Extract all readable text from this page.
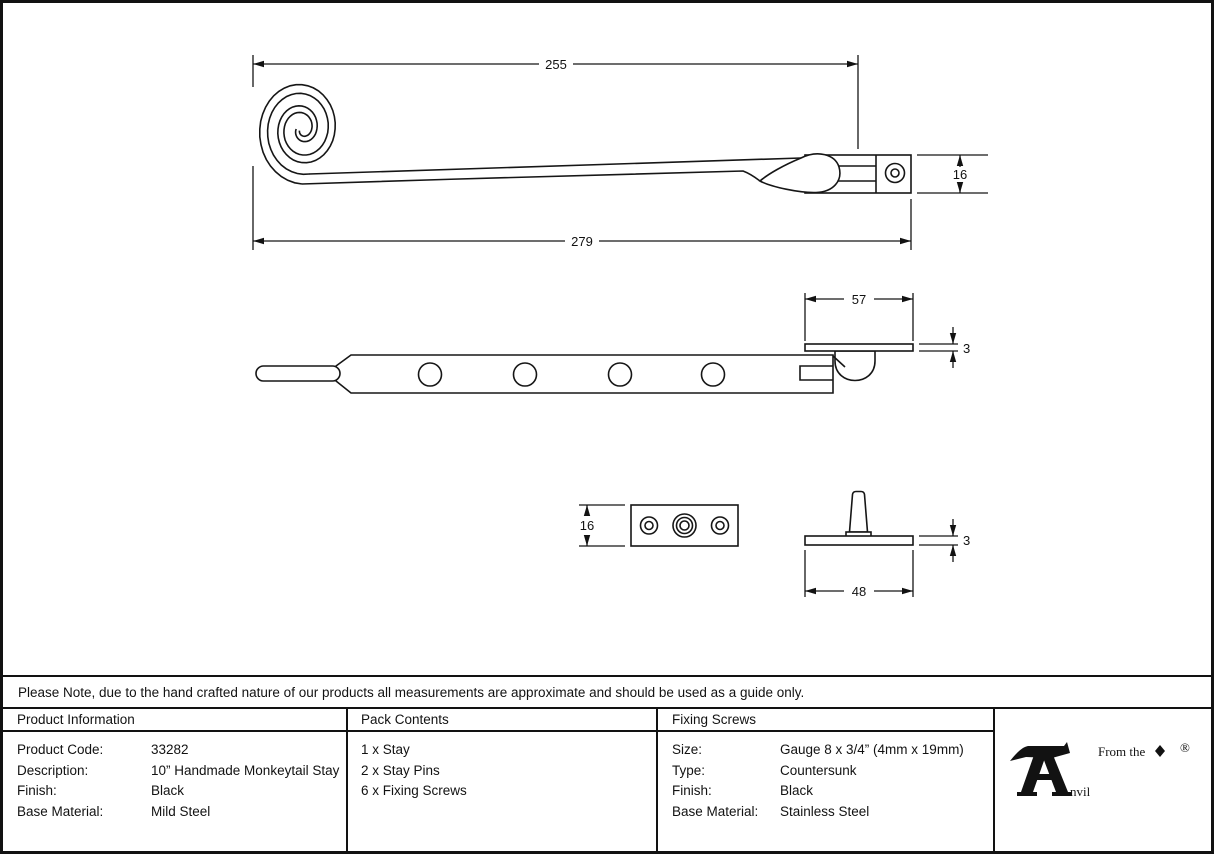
255
279
16
57
3
16
3
48
Please Note, due to the hand crafted nature of our products all measurements are approximate and should be used as a guide only.
Product Information
Product Code:	33282
Description:	10” Handmade Monkeytail Stay
Finish:	Black
Base Material:	Mild Steel
Pack Contents
1 x Stay
2 x Stay Pins
6 x Fixing Screws
Fixing Screws
Size:	Gauge 8 x 3/4” (4mm x 19mm)
Type:	Countersunk
Finish:	Black
Base Material:	Stainless Steel
nvil
From the	®
